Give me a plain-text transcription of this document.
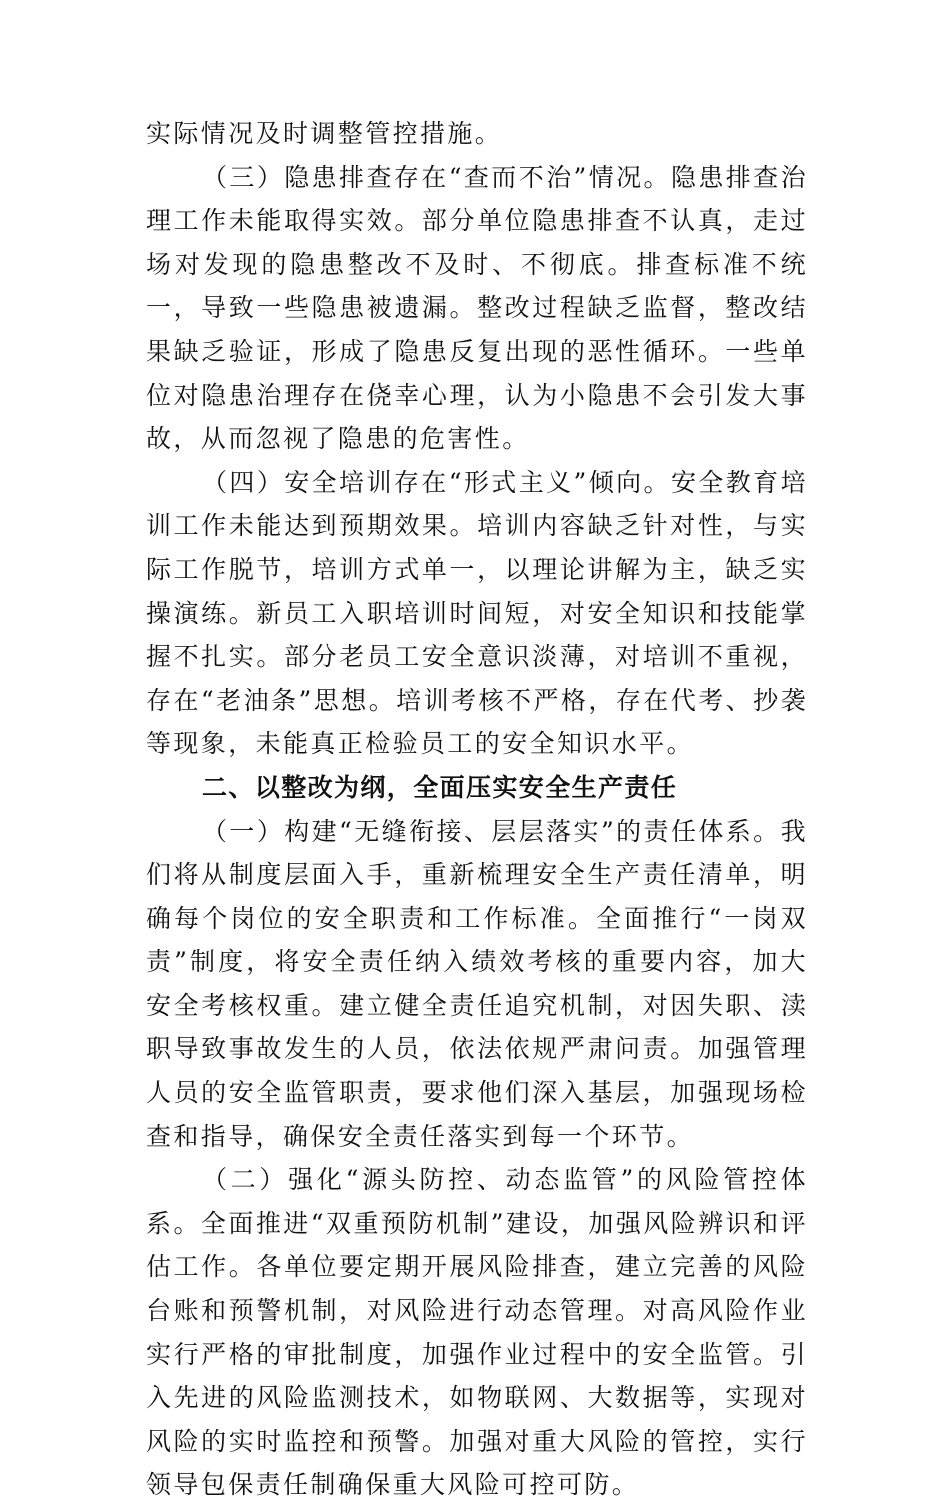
实际情况及时调整管控措施。

（三）隐患排查存在“查而不治”情况。隐患排查治理工作未能取得实效。部分单位隐患排查不认真，走过场对发现的隐患整改不及时、不彻底。排查标准不统一，导致一些隐患被遗漏。整改过程缺乏监督，整改结果缺乏验证，形成了隐患反复出现的恶性循环。一些单位对隐患治理存在侥幸心理，认为小隐患不会引发大事故，从而忽视了隐患的危害性。

（四）安全培训存在“形式主义”倾向。安全教育培训工作未能达到预期效果。培训内容缺乏针对性，与实际工作脱节，培训方式单一，以理论讲解为主，缺乏实操演练。新员工入职培训时间短，对安全知识和技能掌握不扎实。部分老员工安全意识淡薄，对培训不重视，存在“老油条”思想。培训考核不严格，存在代考、抄袭等现象，未能真正检验员工的安全知识水平。

二、以整改为纲，全面压实安全生产责任

（一）构建“无缝衔接、层层落实”的责任体系。我们将从制度层面入手，重新梳理安全生产责任清单，明确每个岗位的安全职责和工作标准。全面推行“一岗双责”制度，将安全责任纳入绩效考核的重要内容，加大安全考核权重。建立健全责任追究机制，对因失职、渎职导致事故发生的人员，依法依规严肃问责。加强管理人员的安全监管职责，要求他们深入基层，加强现场检查和指导，确保安全责任落实到每一个环节。

（二）强化“源头防控、动态监管”的风险管控体系。全面推进“双重预防机制”建设，加强风险辨识和评估工作。各单位要定期开展风险排查，建立完善的风险台账和预警机制，对风险进行动态管理。对高风险作业实行严格的审批制度，加强作业过程中的安全监管。引入先进的风险监测技术，如物联网、大数据等，实现对风险的实时监控和预警。加强对重大风险的管控，实行领导包保责任制确保重大风险可控可防。
